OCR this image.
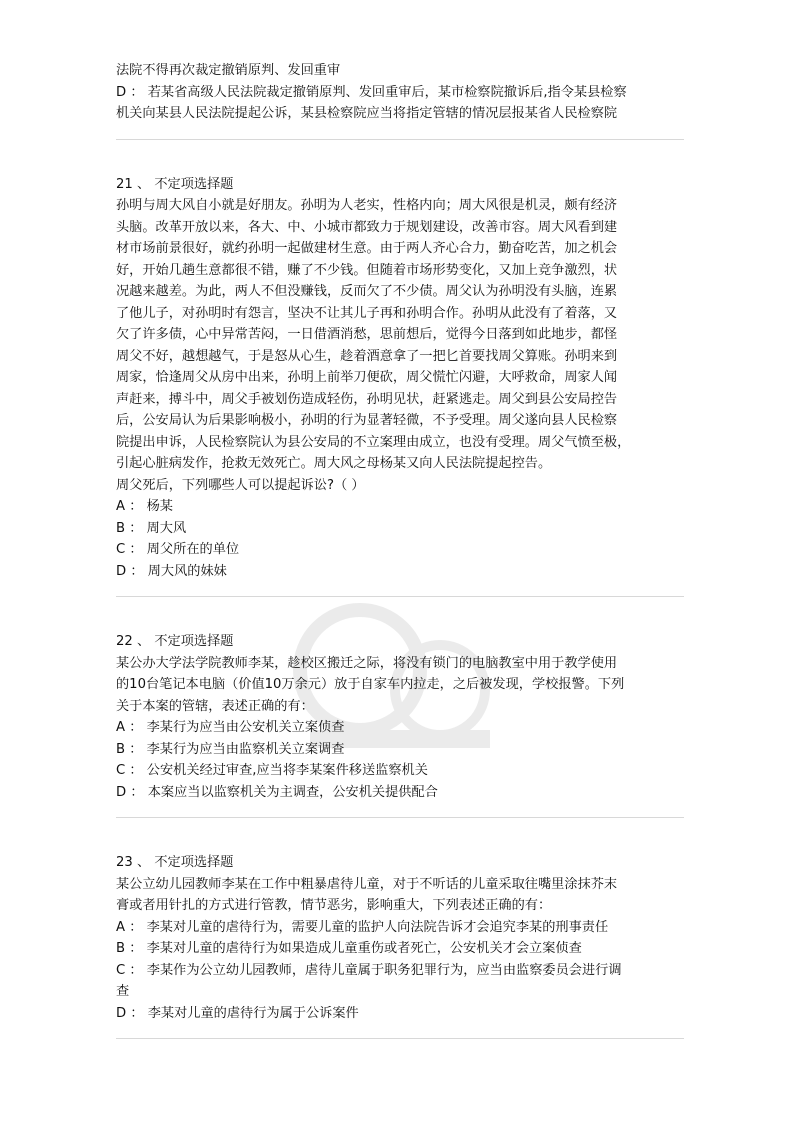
法院不得再次裁定撤销原判、发回重审

D ： 若某省高级人民法院裁定撤销原判、发回重审后，某市检察院撤诉后,指令某县检察

机关向某县人民法院提起公诉，某县检察院应当将指定管辖的情况层报某省人民检察院

21 、 不定项选择题

孙明与周大风自小就是好朋友。孙明为人老实，性格内向；周大风很是机灵，颇有经济

头脑。改革开放以来，各大、中、小城市都致力于规划建设，改善市容。周大风看到建

材市场前景很好，就约孙明一起做建材生意。由于两人齐心合力，勤奋吃苦，加之机会

好，开始几趟生意都很不错，赚了不少钱。但随着市场形势变化，又加上竞争激烈，状

况越来越差。为此，两人不但没赚钱，反而欠了不少债。周父认为孙明没有头脑，连累

了他儿子，对孙明时有怨言，坚决不让其儿子再和孙明合作。孙明从此没有了着落，又

欠了许多债，心中异常苦闷，一日借酒消愁，思前想后，觉得今日落到如此地步，都怪

周父不好，越想越气，于是怒从心生，趁着酒意拿了一把匕首要找周父算账。孙明来到

周家，恰逢周父从房中出来，孙明上前举刀便砍，周父慌忙闪避，大呼救命，周家人闻

声赶来，搏斗中，周父手被划伤造成轻伤，孙明见状，赶紧逃走。周父到县公安局控告

后，公安局认为后果影响极小，孙明的行为显著轻微，不予受理。周父遂向县人民检察

院提出申诉，人民检察院认为县公安局的不立案理由成立，也没有受理。周父气愤至极，

引起心脏病发作，抢救无效死亡。周大风之母杨某又向人民法院提起控告。

周父死后，下列哪些人可以提起诉讼?（ ）

A ： 杨某

B ： 周大风

C ： 周父所在的单位

D ： 周大风的妹妹

22 、 不定项选择题

某公办大学法学院教师李某，趁校区搬迁之际，将没有锁门的电脑教室中用于教学使用

的10台笔记本电脑（价值10万余元）放于自家车内拉走，之后被发现，学校报警。下列

关于本案的管辖，表述正确的有：

A ： 李某行为应当由公安机关立案侦查

B ： 李某行为应当由监察机关立案调查

C ： 公安机关经过审查,应当将李某案件移送监察机关

D ： 本案应当以监察机关为主调查，公安机关提供配合

23 、 不定项选择题

某公立幼儿园教师李某在工作中粗暴虐待儿童，对于不听话的儿童采取往嘴里涂抹芥末

膏或者用针扎的方式进行管教，情节恶劣，影响重大，下列表述正确的有：

A ： 李某对儿童的虐待行为，需要儿童的监护人向法院告诉才会追究李某的刑事责任

B ： 李某对儿童的虐待行为如果造成儿童重伤或者死亡，公安机关才会立案侦查

C ： 李某作为公立幼儿园教师，虐待儿童属于职务犯罪行为，应当由监察委员会进行调

查

D ： 李某对儿童的虐待行为属于公诉案件
